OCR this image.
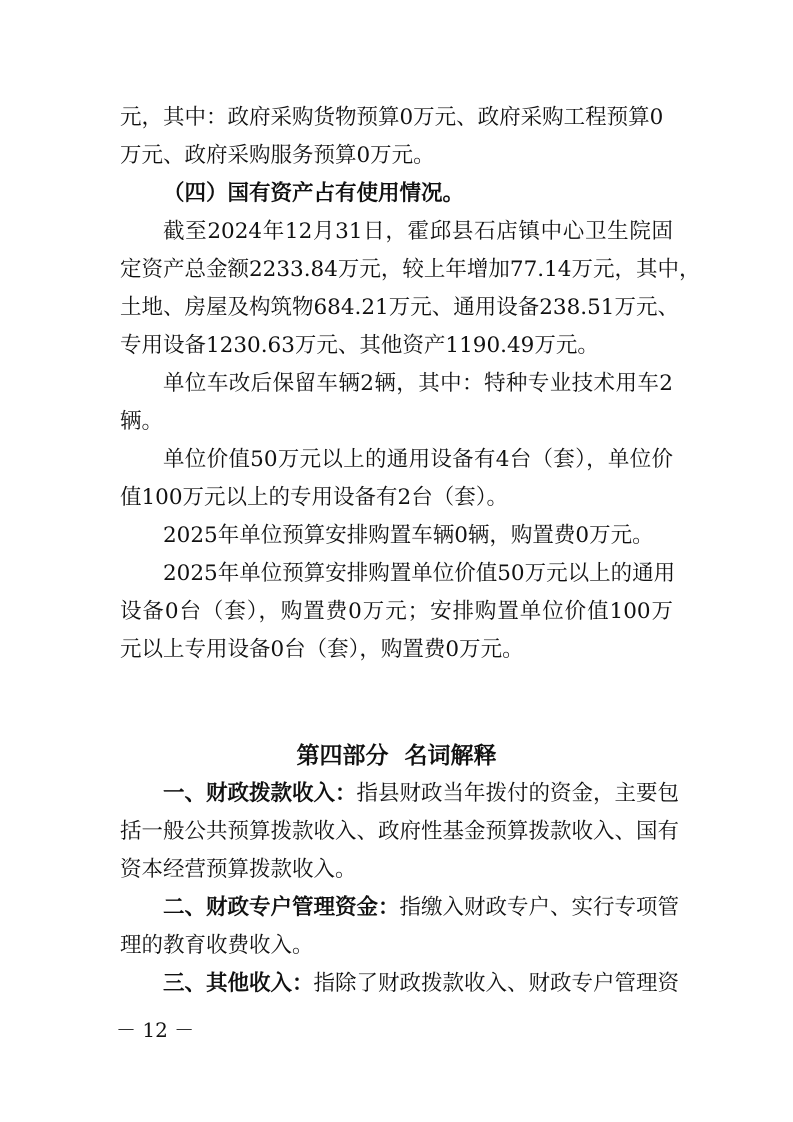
元，其中：政府采购货物预算0万元、政府采购工程预算0
万元、政府采购服务预算0万元。
（四）国有资产占有使用情况。
截至2024年12月31日，霍邱县石店镇中心卫生院固
定资产总金额2233.84万元，较上年增加77.14万元，其中，
土地、房屋及构筑物684.21万元、通用设备238.51万元、
专用设备1230.63万元、其他资产1190.49万元。
单位车改后保留车辆2辆，其中：特种专业技术用车2
辆。
单位价值50万元以上的通用设备有4台（套），单位价
值100万元以上的专用设备有2台（套）。
2025年单位预算安排购置车辆0辆，购置费0万元。
2025年单位预算安排购置单位价值50万元以上的通用
设备0台（套），购置费0万元；安排购置单位价值100万
元以上专用设备0台（套），购置费0万元。
第四部分  名词解释
一、财政拨款收入： 指县财政当年拨付的资金，主要包
括一般公共预算拨款收入、政府性基金预算拨款收入、国有
资本经营预算拨款收入。
二、财政专户管理资金： 指缴入财政专户、实行专项管
理的教育收费收入。
三、其他收入： 指除了财政拨款收入、财政专户管理资
－ 12 －
